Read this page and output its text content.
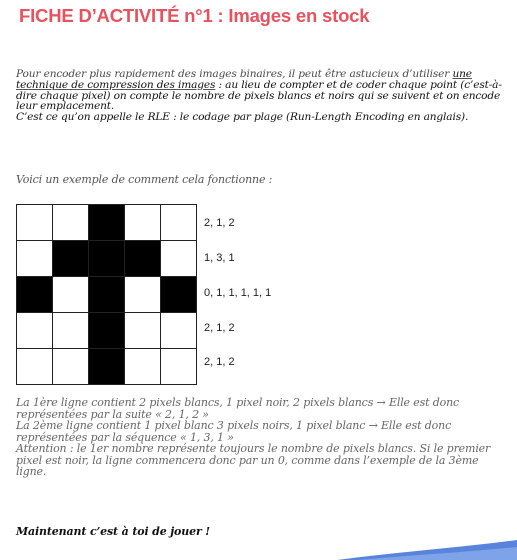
FICHE D’ACTIVITÉ n°1 : Images en stock

Pour encoder plus rapidement des images binaires, il peut être astucieux d’utiliser une technique de compression des images : au lieu de compter et de coder chaque point (c’est-à-dire chaque pixel) on compte le nombre de pixels blancs et noirs qui se suivent et on encode leur emplacement.
C’est ce qu’on appelle le RLE : le codage par plage (Run-Length Encoding en anglais).

Voici un exemple de comment cela fonctionne :

2, 1, 2
1, 3, 1
0, 1, 1, 1, 1, 1
2, 1, 2
2, 1, 2
La 1ère ligne contient 2 pixels blancs, 1 pixel noir, 2 pixels blancs → Elle est donc représentées par la suite « 2, 1, 2 »
La 2ème ligne contient 1 pixel blanc 3 pixels noirs, 1 pixel blanc → Elle est donc représentées par la séquence « 1, 3, 1 »
Attention : le 1er nombre représente toujours le nombre de pixels blancs. Si le premier pixel est noir, la ligne commencera donc par un 0, comme dans l’exemple de la 3ème ligne.

Maintenant c’est à toi de jouer !
